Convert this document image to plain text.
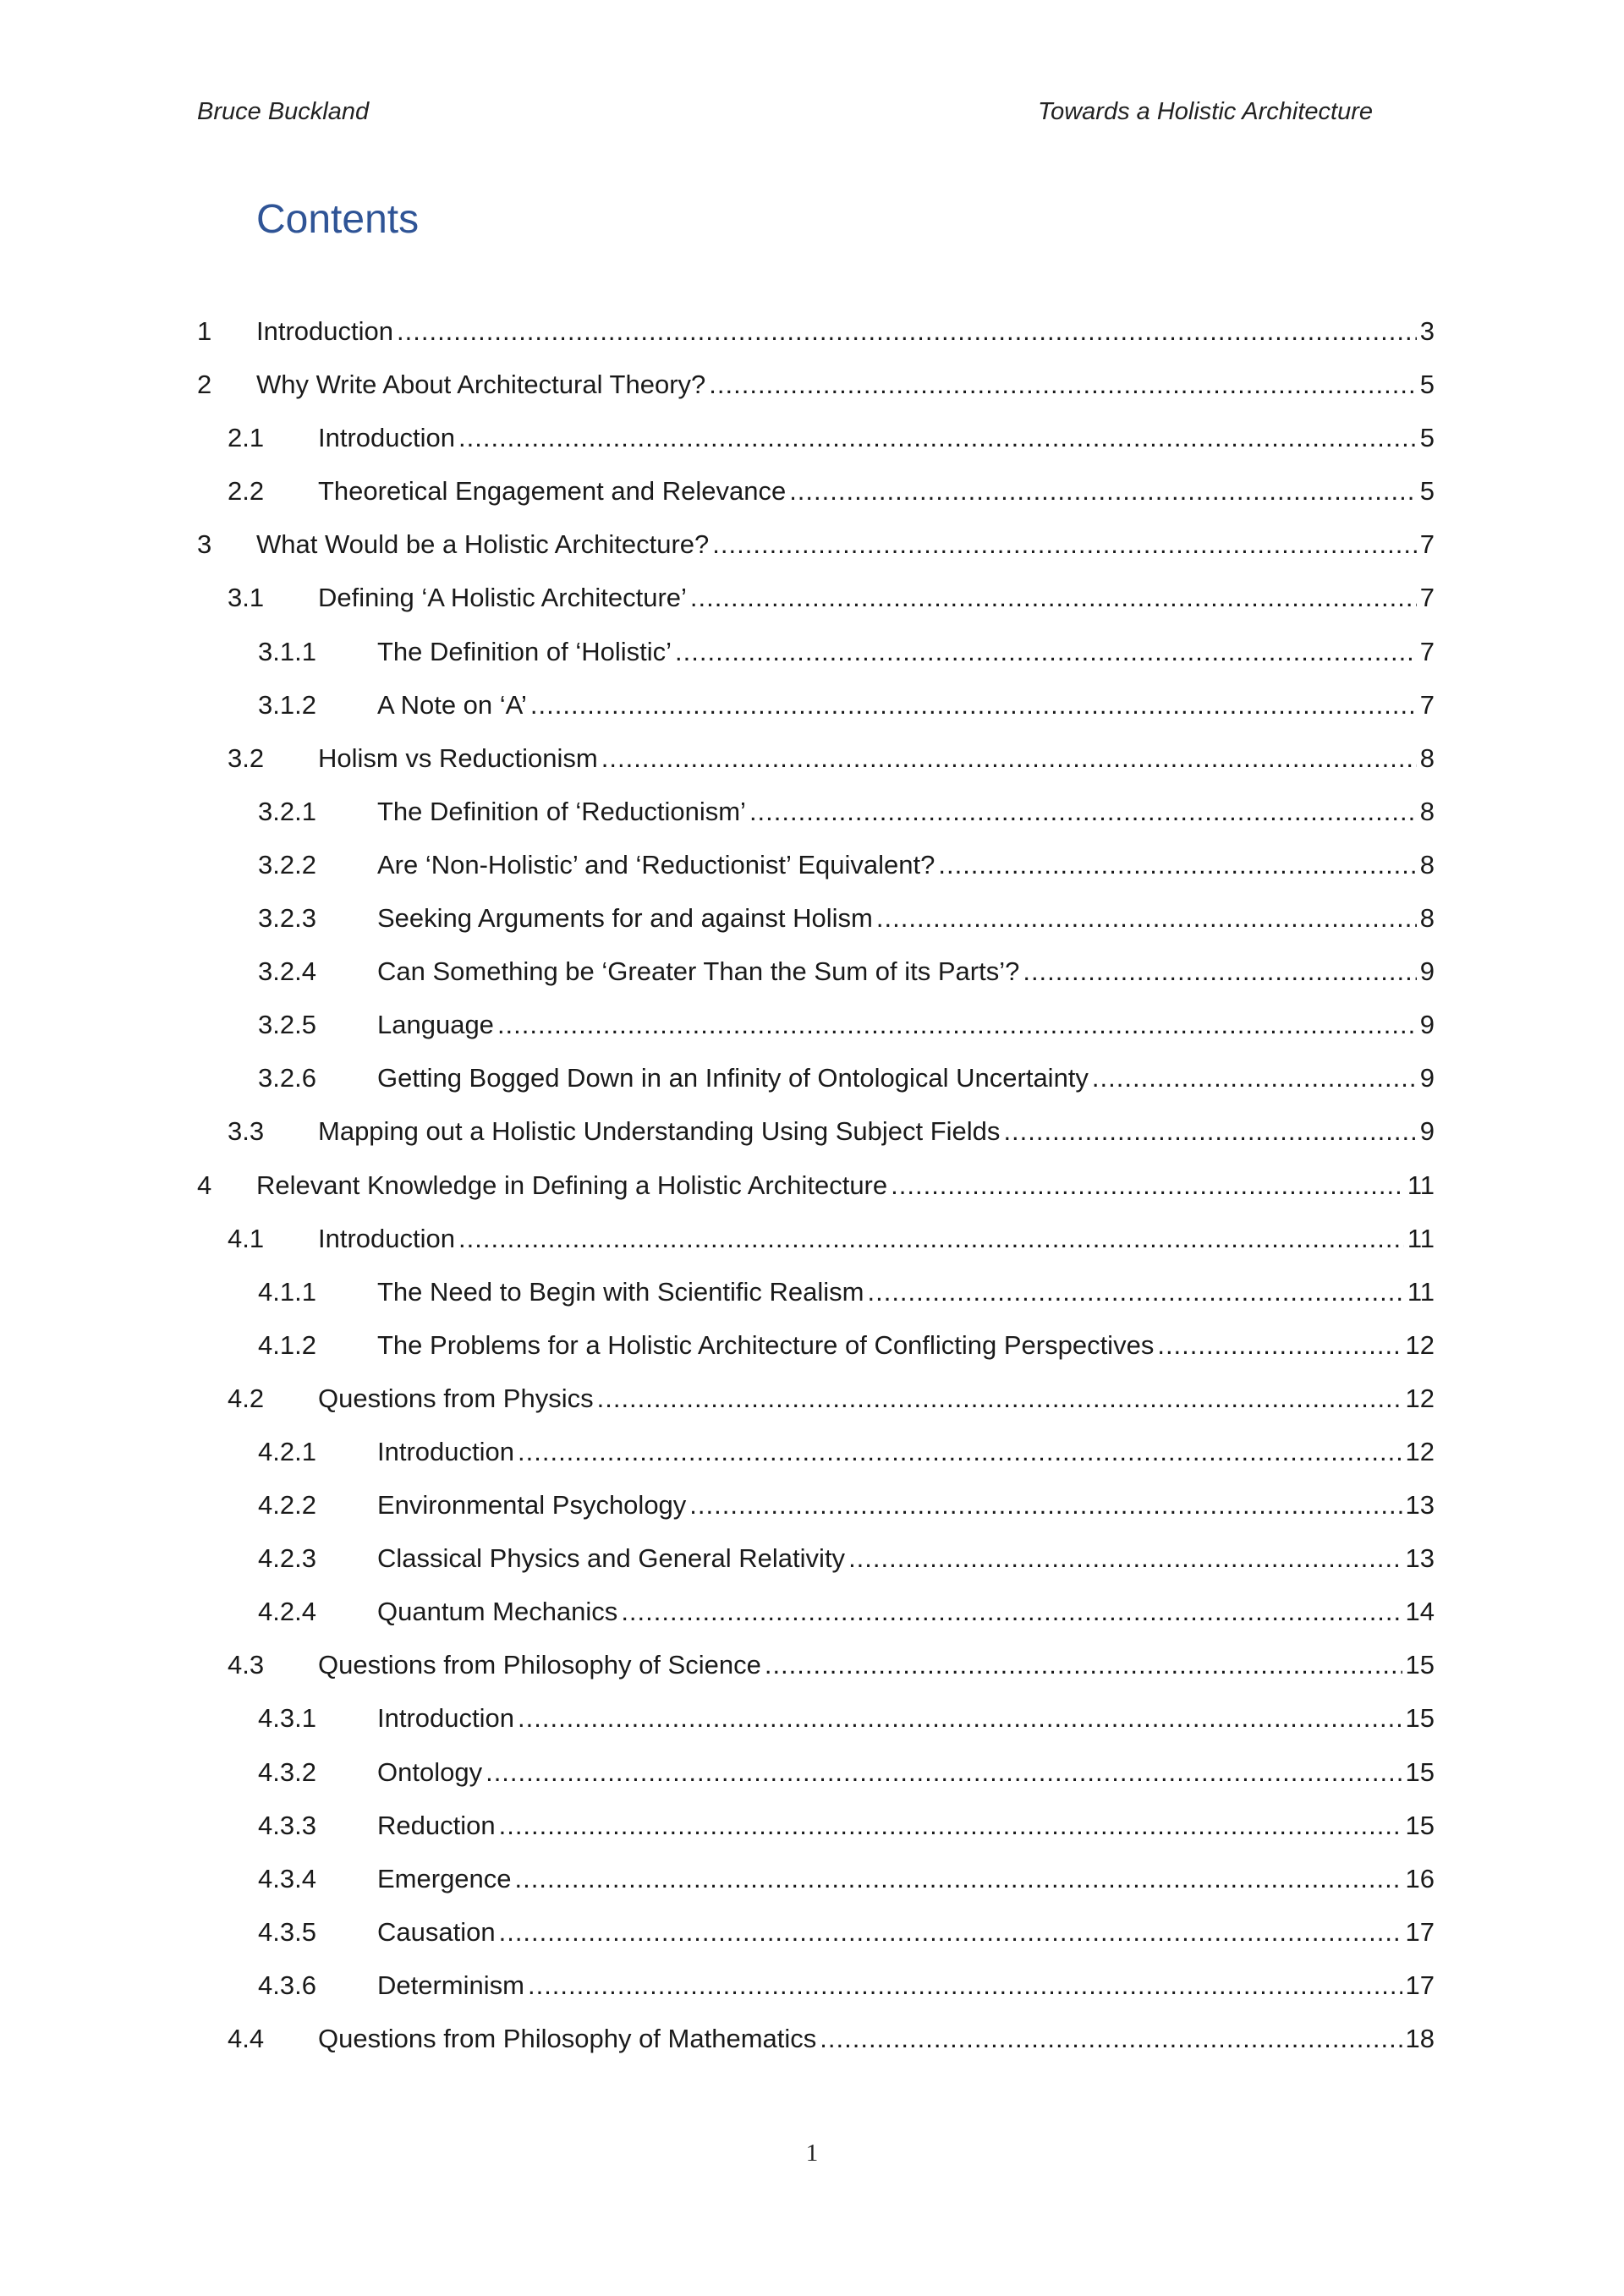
Bruce Buckland	Towards a Holistic Architecture
Contents
1	Introduction .....	3
2	Why Write About Architectural Theory? .....	5
2.1	Introduction .....	5
2.2	Theoretical Engagement and Relevance .....	5
3	What Would be a Holistic Architecture? .....	7
3.1	Defining ‘A Holistic Architecture’ .....	7
3.1.1	The Definition of ‘Holistic’ .....	7
3.1.2	A Note on ‘A’ .....	7
3.2	Holism vs Reductionism .....	8
3.2.1	The Definition of ‘Reductionism’ .....	8
3.2.2	Are ‘Non-Holistic’ and ‘Reductionist’ Equivalent? .....	8
3.2.3	Seeking Arguments for and against Holism .....	8
3.2.4	Can Something be ‘Greater Than the Sum of its Parts’? .....	9
3.2.5	Language .....	9
3.2.6	Getting Bogged Down in an Infinity of Ontological Uncertainty .....	9
3.3	Mapping out a Holistic Understanding Using Subject Fields .....	9
4	Relevant Knowledge in Defining a Holistic Architecture .....	11
4.1	Introduction .....	11
4.1.1	The Need to Begin with Scientific Realism .....	11
4.1.2	The Problems for a Holistic Architecture of Conflicting Perspectives .....	12
4.2	Questions from Physics .....	12
4.2.1	Introduction .....	12
4.2.2	Environmental Psychology .....	13
4.2.3	Classical Physics and General Relativity .....	13
4.2.4	Quantum Mechanics .....	14
4.3	Questions from Philosophy of Science .....	15
4.3.1	Introduction .....	15
4.3.2	Ontology .....	15
4.3.3	Reduction .....	15
4.3.4	Emergence .....	16
4.3.5	Causation .....	17
4.3.6	Determinism .....	17
4.4	Questions from Philosophy of Mathematics .....	18
1
